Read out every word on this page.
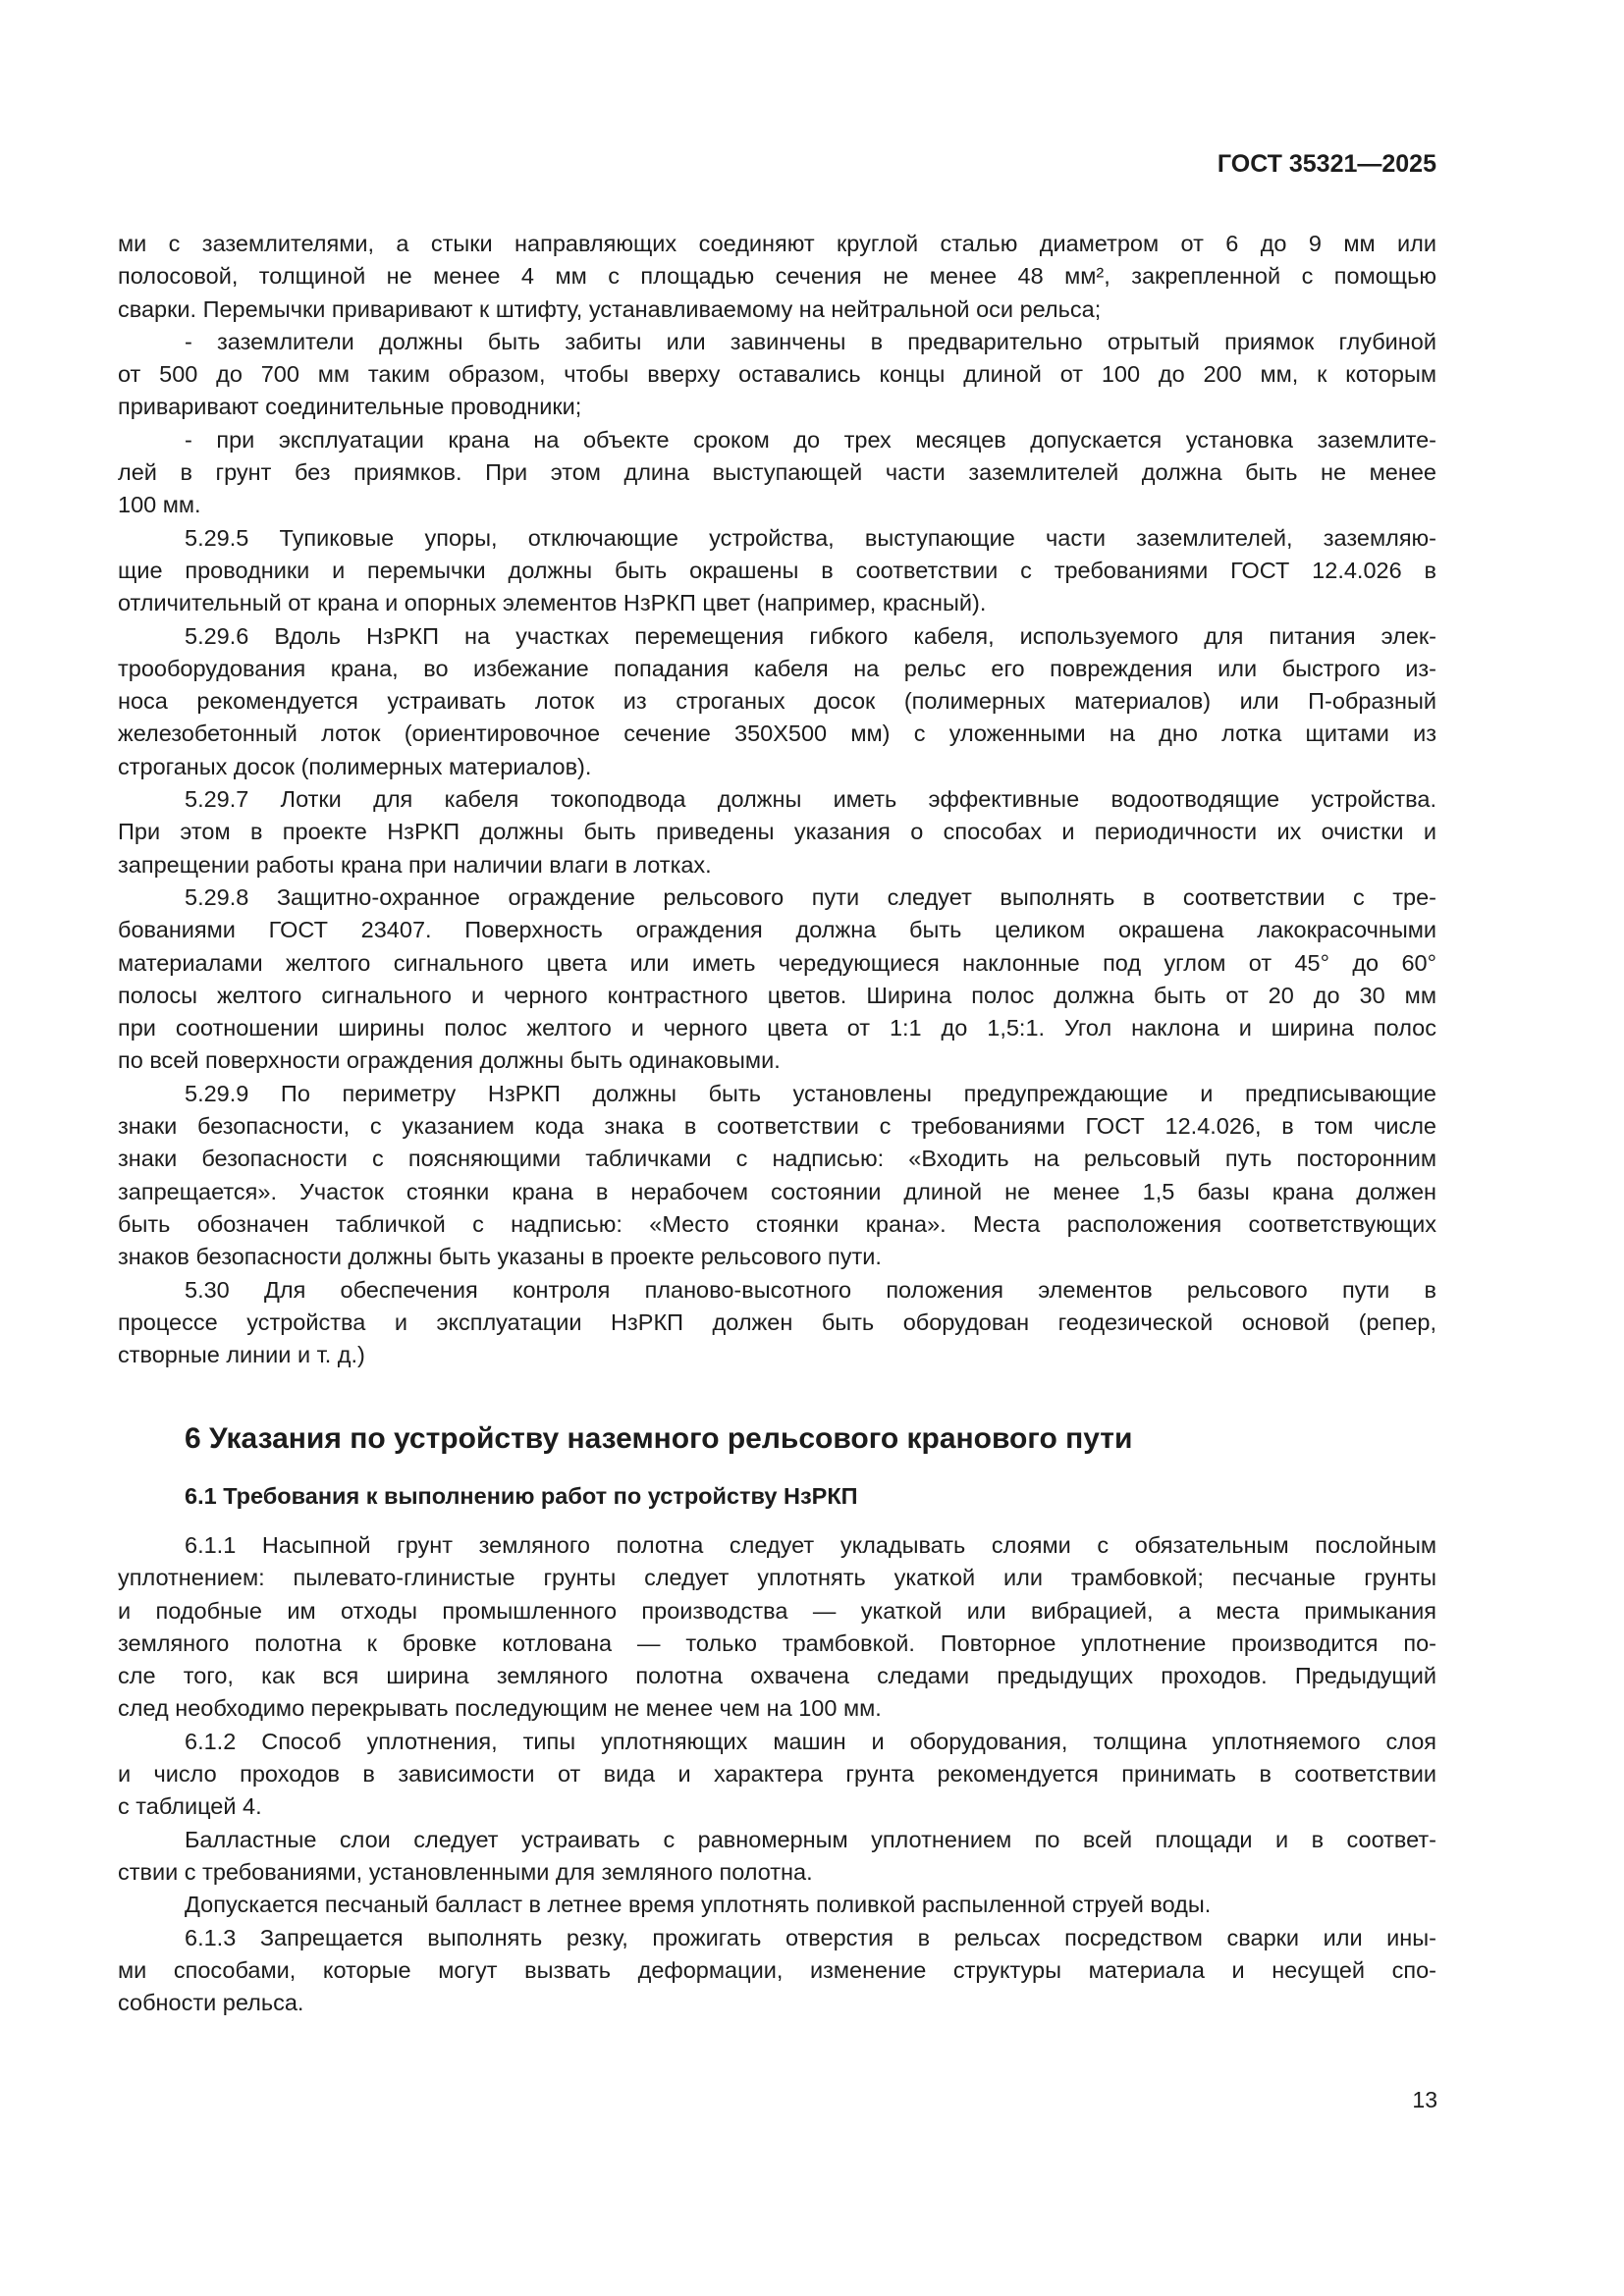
ГОСТ 35321—2025
ми с заземлителями, а стыки направляющих соединяют круглой сталью диаметром от 6 до 9 мм или
полосовой, толщиной не менее 4 мм с площадью сечения не менее 48 мм², закрепленной с помощью
сварки. Перемычки приваривают к штифту, устанавливаемому на нейтральной оси рельса;
- заземлители должны быть забиты или завинчены в предварительно отрытый приямок глубиной
от 500 до 700 мм таким образом, чтобы вверху оставались концы длиной от 100 до 200 мм, к которым
приваривают соединительные проводники;
- при эксплуатации крана на объекте сроком до трех месяцев допускается установка заземлите-
лей в грунт без приямков. При этом длина выступающей части заземлителей должна быть не менее
100 мм.
5.29.5 Тупиковые упоры, отключающие устройства, выступающие части заземлителей, заземляю-
щие проводники и перемычки должны быть окрашены в соответствии с требованиями ГОСТ 12.4.026 в
отличительный от крана и опорных элементов НзРКП цвет (например, красный).
5.29.6 Вдоль НзРКП на участках перемещения гибкого кабеля, используемого для питания элек-
трооборудования крана, во избежание попадания кабеля на рельс его повреждения или быстрого из-
носа рекомендуется устраивать лоток из строганых досок (полимерных материалов) или П-образный
железобетонный лоток (ориентировочное сечение 350X500 мм) с уложенными на дно лотка щитами из
строганых досок (полимерных материалов).
5.29.7 Лотки для кабеля токоподвода должны иметь эффективные водоотводящие устройства.
При этом в проекте НзРКП должны быть приведены указания о способах и периодичности их очистки и
запрещении работы крана при наличии влаги в лотках.
5.29.8 Защитно-охранное ограждение рельсового пути следует выполнять в соответствии с тре-
бованиями ГОСТ 23407. Поверхность ограждения должна быть целиком окрашена лакокрасочными
материалами желтого сигнального цвета или иметь чередующиеся наклонные под углом от 45° до 60°
полосы желтого сигнального и черного контрастного цветов. Ширина полос должна быть от 20 до 30 мм
при соотношении ширины полос желтого и черного цвета от 1:1 до 1,5:1. Угол наклона и ширина полос
по всей поверхности ограждения должны быть одинаковыми.
5.29.9 По периметру НзРКП должны быть установлены предупреждающие и предписывающие
знаки безопасности, с указанием кода знака в соответствии с требованиями ГОСТ 12.4.026, в том числе
знаки безопасности с поясняющими табличками с надписью: «Входить на рельсовый путь посторонним
запрещается». Участок стоянки крана в нерабочем состоянии длиной не менее 1,5 базы крана должен
быть обозначен табличкой с надписью: «Место стоянки крана». Места расположения соответствующих
знаков безопасности должны быть указаны в проекте рельсового пути.
5.30 Для обеспечения контроля планово-высотного положения элементов рельсового пути в
процессе устройства и эксплуатации НзРКП должен быть оборудован геодезической основой (репер,
створные линии и т. д.)
6 Указания по устройству наземного рельсового кранового пути
6.1 Требования к выполнению работ по устройству НзРКП
6.1.1 Насыпной грунт земляного полотна следует укладывать слоями с обязательным послойным
уплотнением: пылевато-глинистые грунты следует уплотнять укаткой или трамбовкой; песчаные грунты
и подобные им отходы промышленного производства — укаткой или вибрацией, а места примыкания
земляного полотна к бровке котлована — только трамбовкой. Повторное уплотнение производится по-
сле того, как вся ширина земляного полотна охвачена следами предыдущих проходов. Предыдущий
след необходимо перекрывать последующим не менее чем на 100 мм.
6.1.2 Способ уплотнения, типы уплотняющих машин и оборудования, толщина уплотняемого слоя
и число проходов в зависимости от вида и характера грунта рекомендуется принимать в соответствии
с таблицей 4.
Балластные слои следует устраивать с равномерным уплотнением по всей площади и в соответ-
ствии с требованиями, установленными для земляного полотна.
Допускается песчаный балласт в летнее время уплотнять поливкой распыленной струей воды.
6.1.3 Запрещается выполнять резку, прожигать отверстия в рельсах посредством сварки или ины-
ми способами, которые могут вызвать деформации, изменение структуры материала и несущей спо-
собности рельса.
13
